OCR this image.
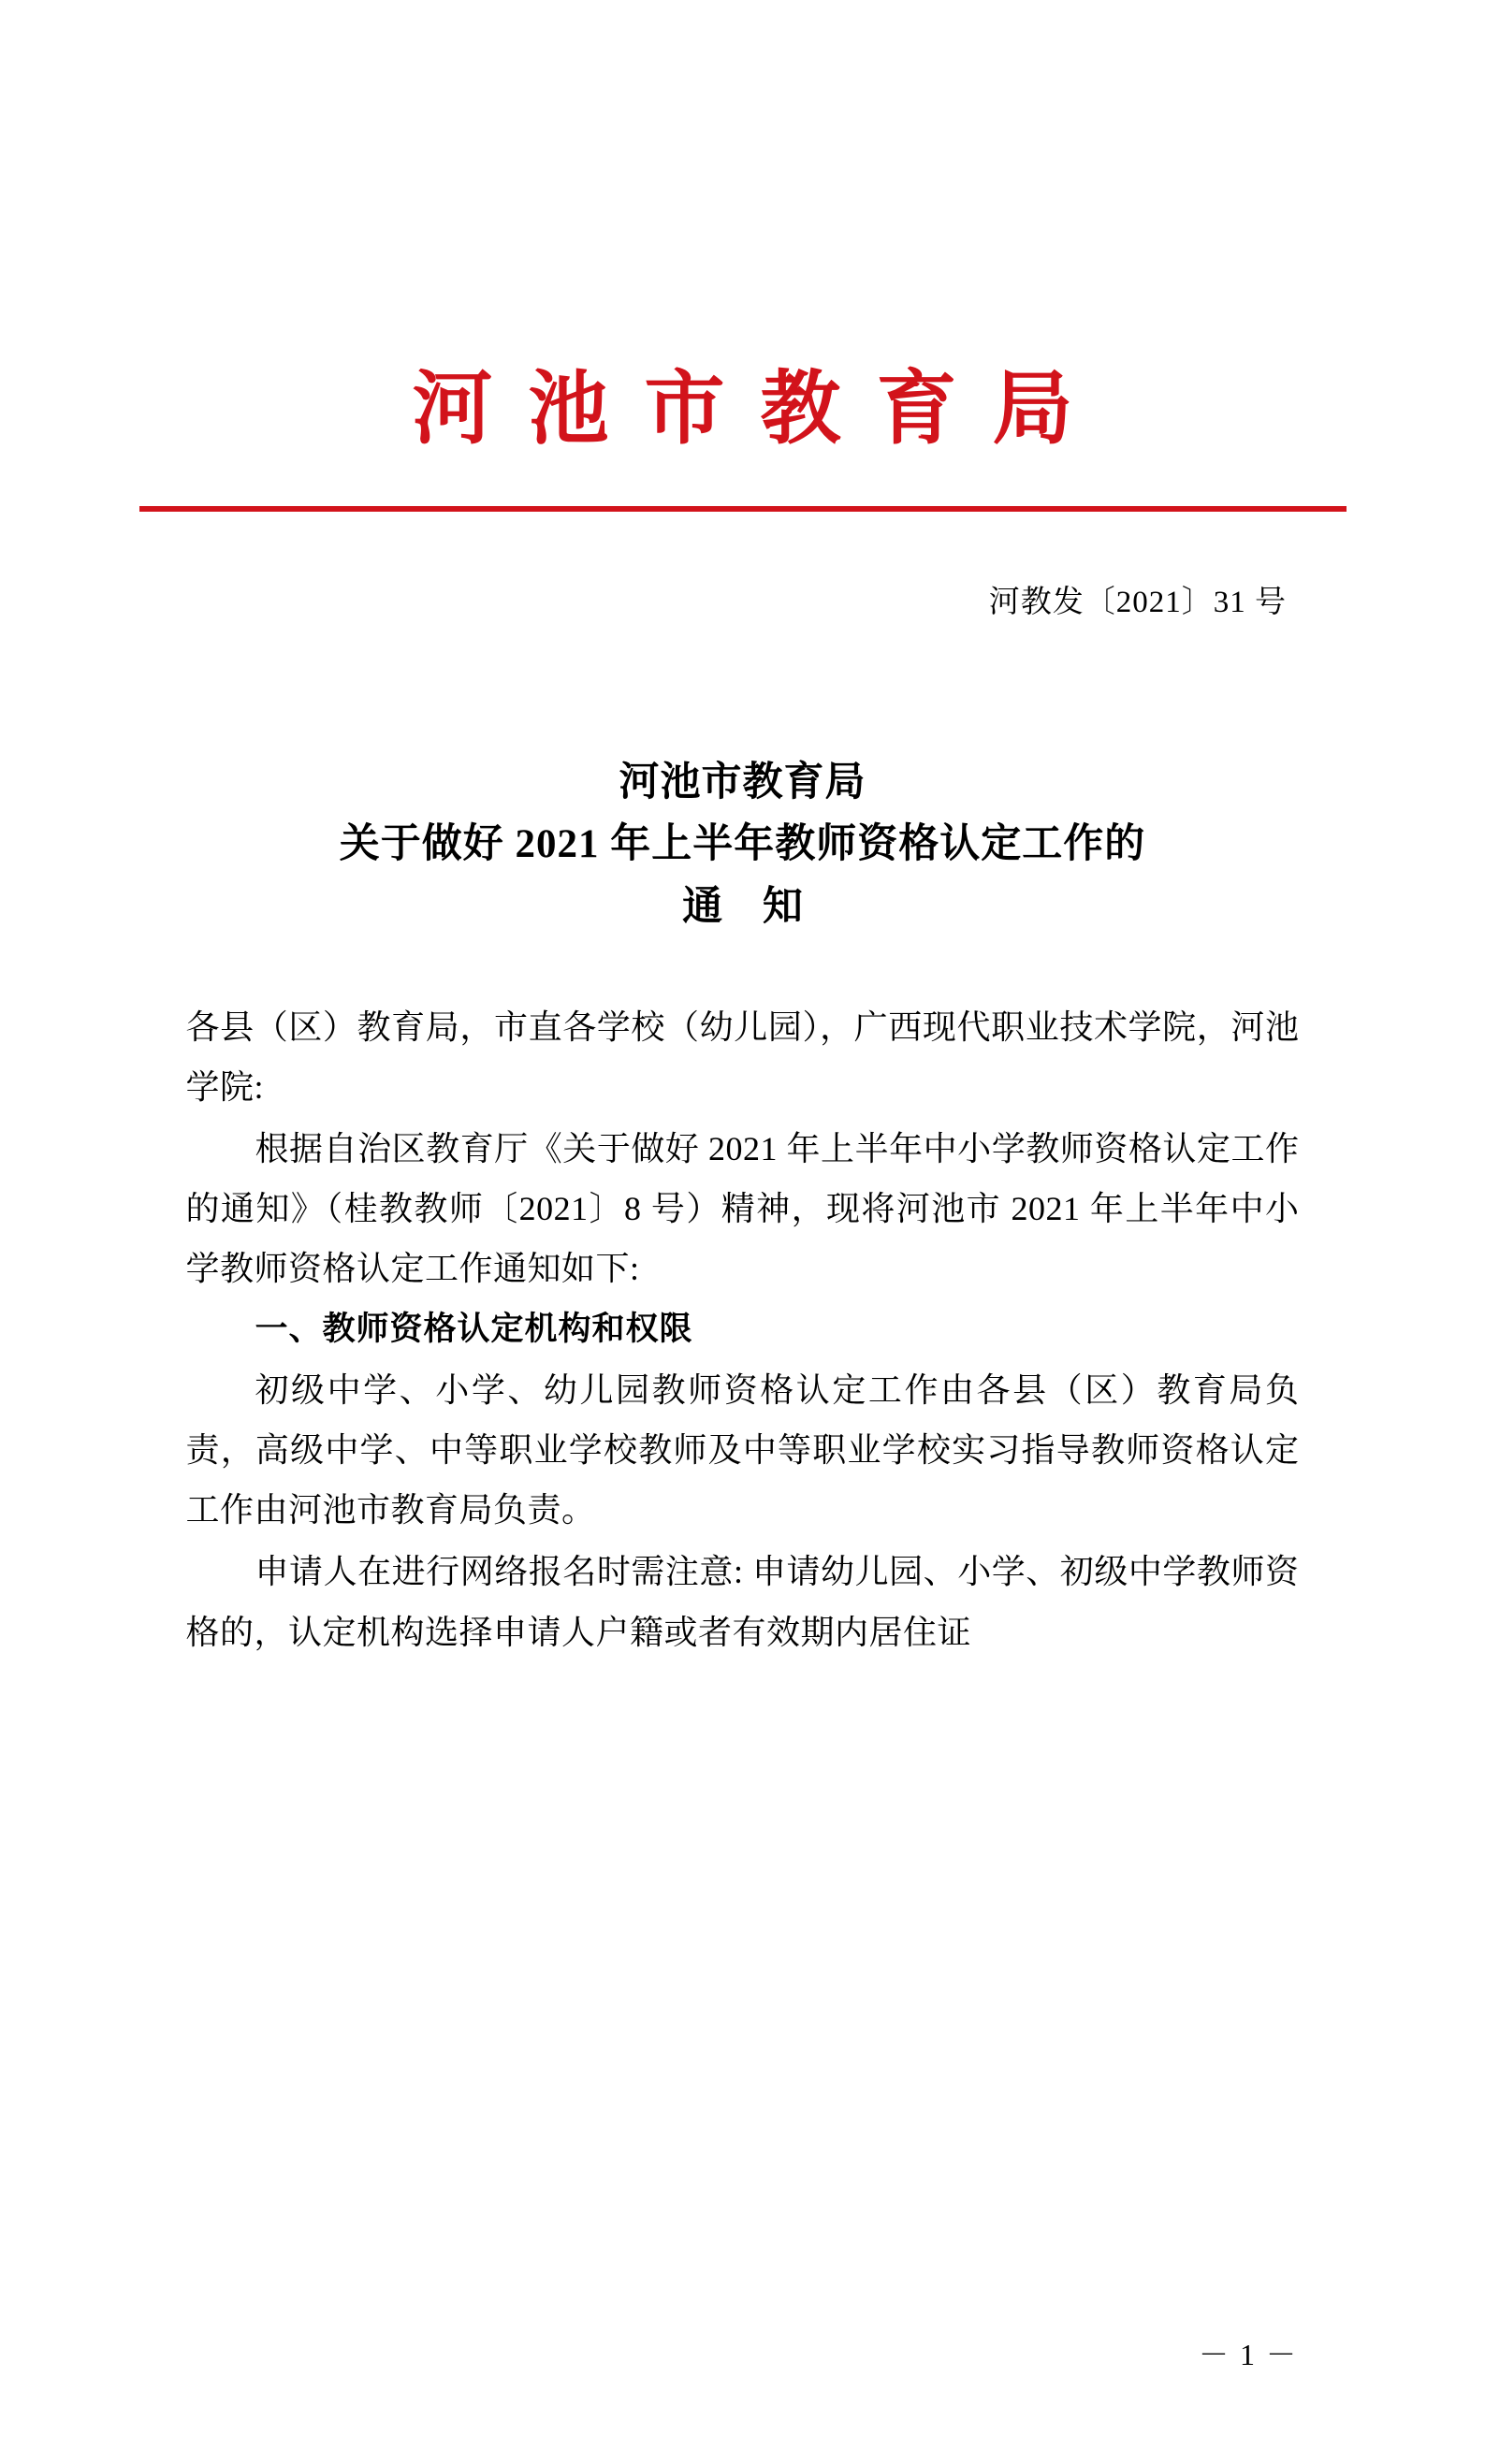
河池市教育局
河教发〔2021〕31 号
河池市教育局
关于做好 2021 年上半年教师资格认定工作的
通 知

各县（区）教育局，市直各学校（幼儿园），广西现代职业技术学院，河池学院:

根据自治区教育厅《关于做好 2021 年上半年中小学教师资格认定工作的通知》（桂教教师〔2021〕8 号）精神，现将河池市 2021 年上半年中小学教师资格认定工作通知如下:

一、教师资格认定机构和权限

初级中学、小学、幼儿园教师资格认定工作由各县（区）教育局负责，高级中学、中等职业学校教师及中等职业学校实习指导教师资格认定工作由河池市教育局负责。

申请人在进行网络报名时需注意: 申请幼儿园、小学、初级中学教师资格的，认定机构选择申请人户籍或者有效期内居住证

－ 1 －
